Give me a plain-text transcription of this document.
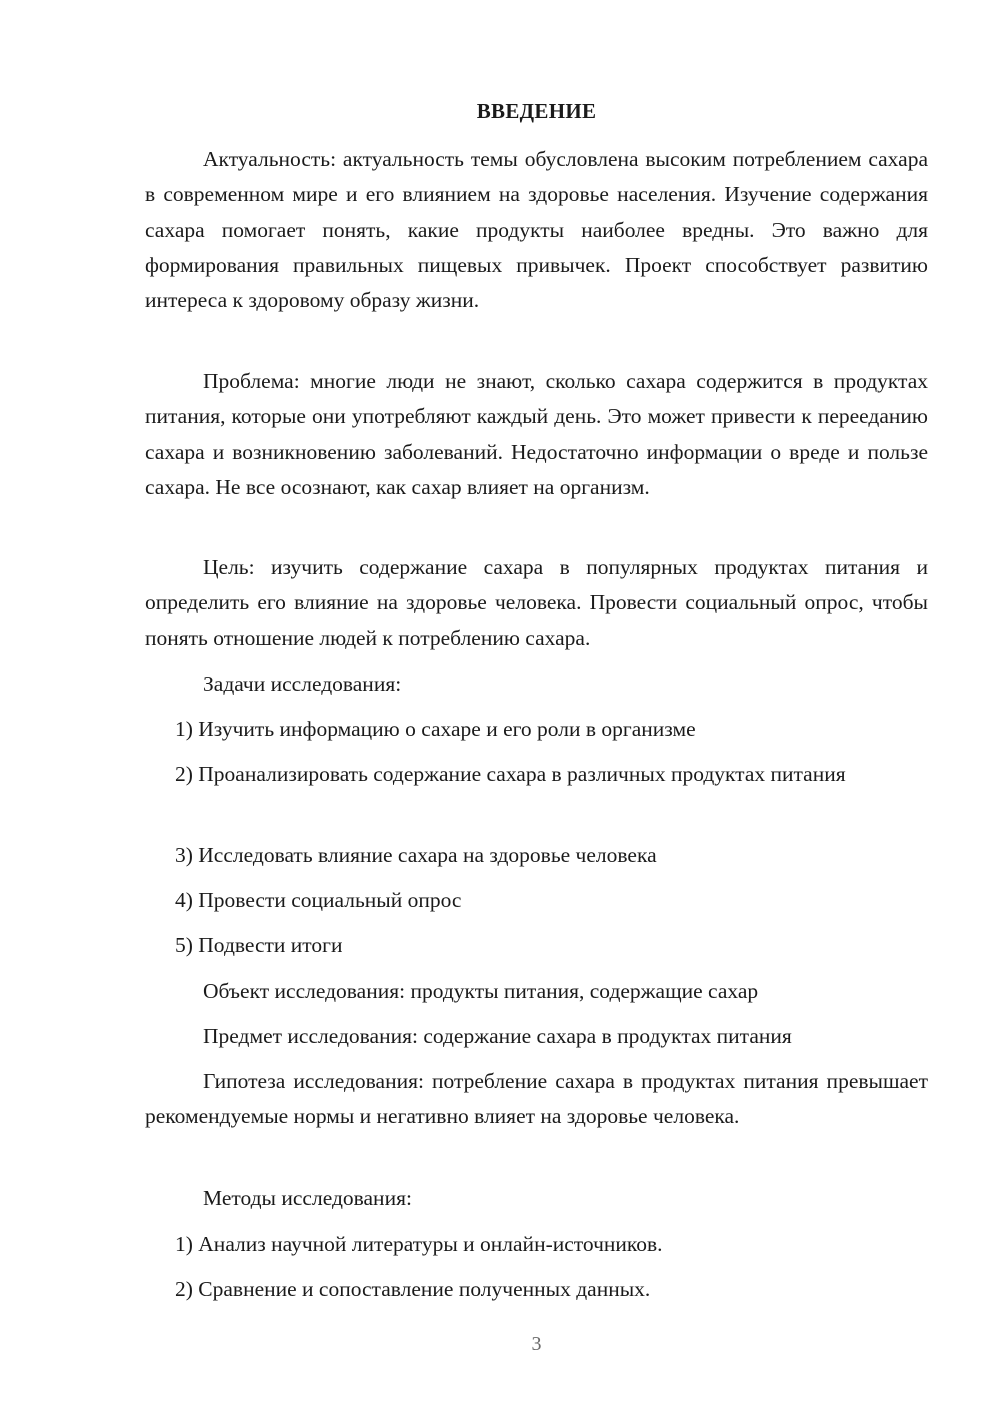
ВВЕДЕНИЕ

Актуальность: актуальность темы обусловлена высоким потреблением сахара в современном мире и его влиянием на здоровье населения. Изучение содержания сахара помогает понять, какие продукты наиболее вредны. Это важно для формирования правильных пищевых привычек. Проект способствует развитию интереса к здоровому образу жизни.

Проблема: многие люди не знают, сколько сахара содержится в продуктах питания, которые они употребляют каждый день. Это может привести к перееданию сахара и возникновению заболеваний. Недостаточно информации о вреде и пользе сахара. Не все осознают, как сахар влияет на организм.

Цель: изучить содержание сахара в популярных продуктах питания и определить его влияние на здоровье человека. Провести социальный опрос, чтобы понять отношение людей к потреблению сахара.

Задачи исследования:

1) Изучить информацию о сахаре и его роли в организме

2) Проанализировать содержание сахара в различных продуктах питания

3) Исследовать влияние сахара на здоровье человека

4) Провести социальный опрос

5) Подвести итоги

Объект исследования: продукты питания, содержащие сахар

Предмет исследования: содержание сахара в продуктах питания

Гипотеза исследования: потребление сахара в продуктах питания превышает рекомендуемые нормы и негативно влияет на здоровье человека.

Методы исследования:

1) Анализ научной литературы и онлайн-источников.

2) Сравнение и сопоставление полученных данных.

3
